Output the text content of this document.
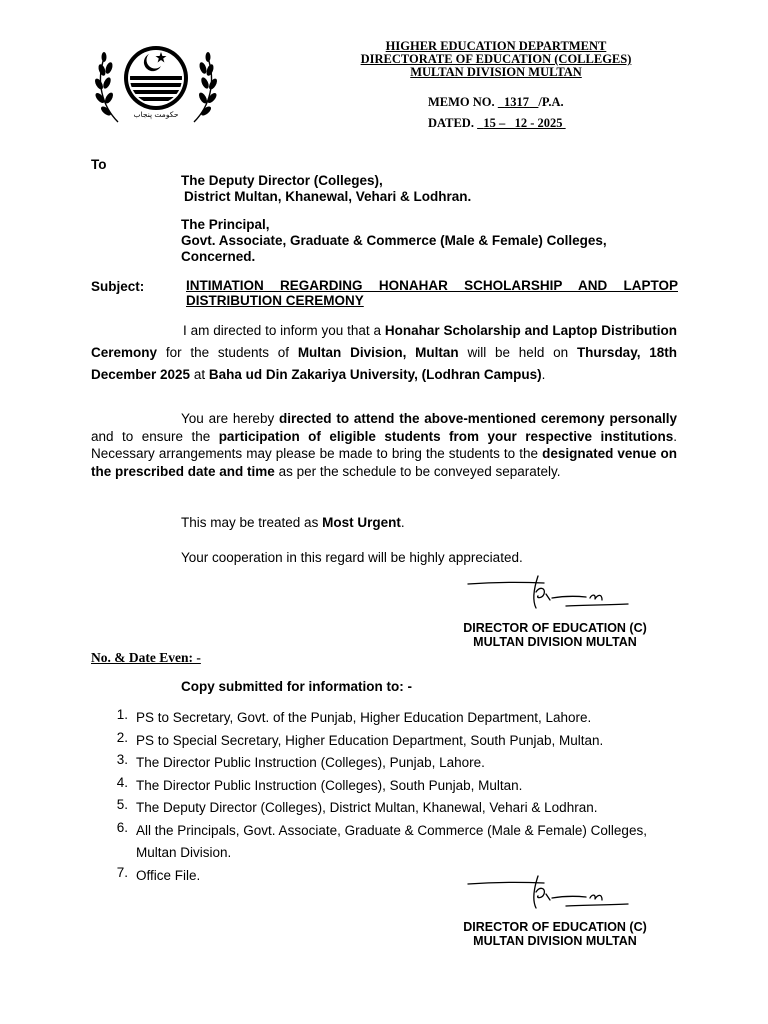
حکومت پنجاب
HIGHER EDUCATION DEPARTMENT
DIRECTORATE OF EDUCATION (COLLEGES)
MULTAN DIVISION MULTAN
MEMO NO. 1317 /P.A.
DATED. 15 –   12 - 2025
To
The Deputy Director (Colleges),
District Multan, Khanewal, Vehari & Lodhran.
The Principal,
Govt. Associate, Graduate & Commerce (Male & Female) Colleges,
Concerned.
Subject:	INTIMATION REGARDING HONAHAR SCHOLARSHIP AND LAPTOP
DISTRIBUTION CEREMONY
I am directed to inform you that a Honahar Scholarship and Laptop Distribution Ceremony for the students of Multan Division, Multan will be held on Thursday, 18th December 2025 at Baha ud Din Zakariya University, (Lodhran Campus).
You are hereby directed to attend the above-mentioned ceremony personally and to ensure the participation of eligible students from your respective institutions. Necessary arrangements may please be made to bring the students to the designated venue on the prescribed date and time as per the schedule to be conveyed separately.
This may be treated as Most Urgent.
Your cooperation in this regard will be highly appreciated.
DIRECTOR OF EDUCATION (C)
MULTAN DIVISION MULTAN
No. & Date Even: -
Copy submitted for information to: -
1. PS to Secretary, Govt. of the Punjab, Higher Education Department, Lahore.
2. PS to Special Secretary, Higher Education Department, South Punjab, Multan.
3. The Director Public Instruction (Colleges), Punjab, Lahore.
4. The Director Public Instruction (Colleges), South Punjab, Multan.
5. The Deputy Director (Colleges), District Multan, Khanewal, Vehari & Lodhran.
6. All the Principals, Govt. Associate, Graduate & Commerce (Male & Female) Colleges, Multan Division.
7. Office File.
DIRECTOR OF EDUCATION (C)
MULTAN DIVISION MULTAN
